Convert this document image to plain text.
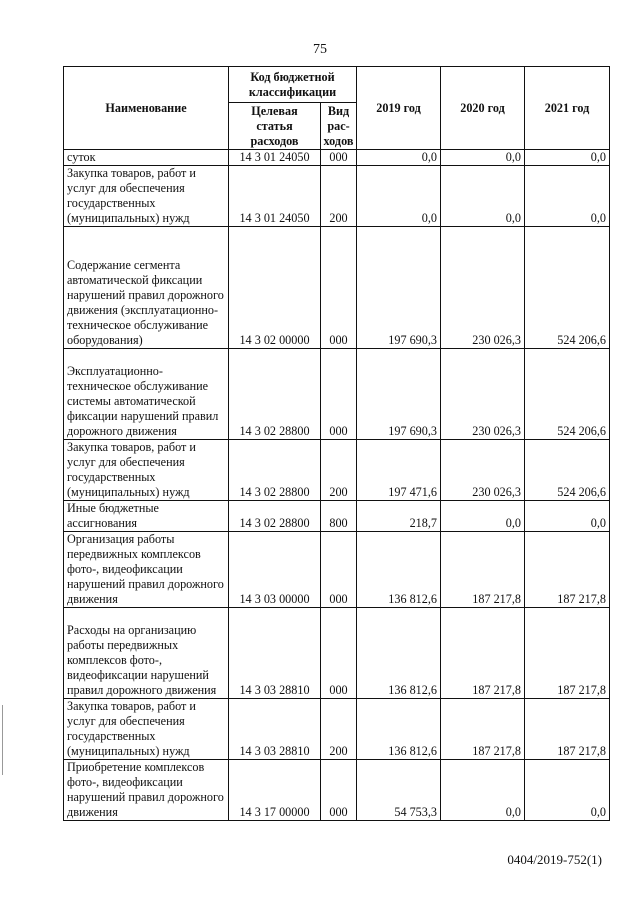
75
Наименование	Код бюджетной классификации		2019 год	2020 год	2021 год
	Целевая статья расходов	Вид рас-ходов			
суток	14 3 01 24050	000	0,0	0,0	0,0
Закупка товаров, работ и услуг для обеспечения государственных (муниципальных) нужд	14 3 01 24050	200	0,0	0,0	0,0
Содержание сегмента автоматической фиксации нарушений правил дорожного движения (эксплуатационно-техническое обслуживание оборудования)	14 3 02 00000	000	197 690,3	230 026,3	524 206,6
Эксплуатационно-техническое обслуживание системы автоматической фиксации нарушений правил дорожного движения	14 3 02 28800	000	197 690,3	230 026,3	524 206,6
Закупка товаров, работ и услуг для обеспечения государственных (муниципальных) нужд	14 3 02 28800	200	197 471,6	230 026,3	524 206,6
Иные бюджетные ассигнования	14 3 02 28800	800	218,7	0,0	0,0
Организация работы передвижных комплексов фото-, видеофиксации нарушений правил дорожного движения	14 3 03 00000	000	136 812,6	187 217,8	187 217,8
Расходы на организацию работы передвижных комплексов фото-, видеофиксации нарушений правил дорожного движения	14 3 03 28810	000	136 812,6	187 217,8	187 217,8
Закупка товаров, работ и услуг для обеспечения государственных (муниципальных) нужд	14 3 03 28810	200	136 812,6	187 217,8	187 217,8
Приобретение комплексов фото-, видеофиксации нарушений правил дорожного движения	14 3 17 00000	000	54 753,3	0,0	0,0
0404/2019-752(1)
